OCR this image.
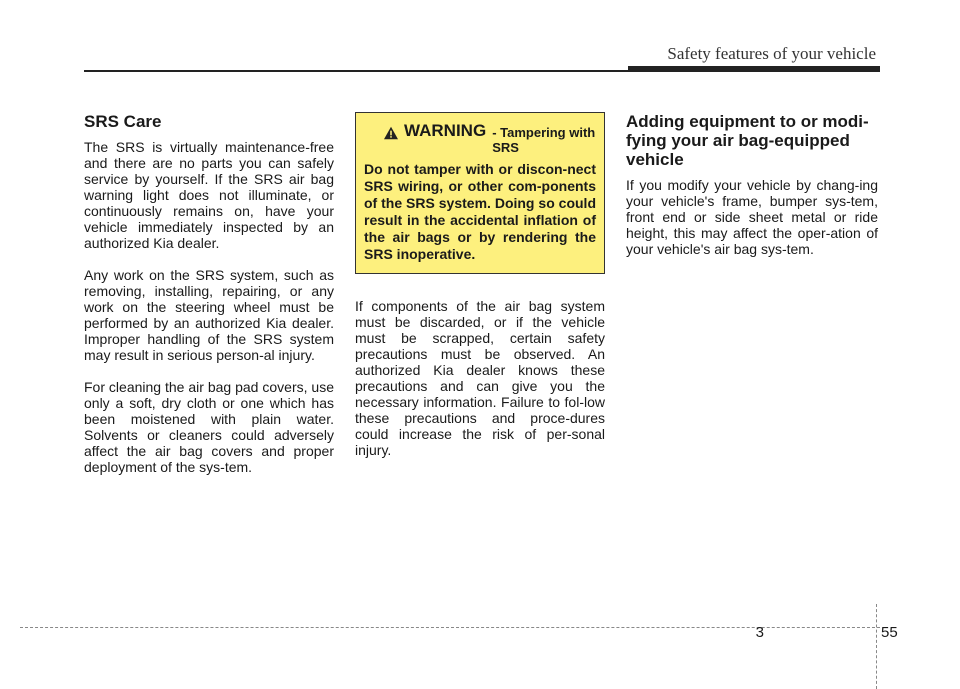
Safety features of your vehicle
SRS Care

The SRS is virtually maintenance-free and there are no parts you can safely service by yourself. If the SRS air bag warning light does not illuminate, or continuously remains on, have your vehicle immediately inspected by an authorized Kia dealer.

Any work on the SRS system, such as removing, installing, repairing, or any work on the steering wheel must be performed by an authorized Kia dealer. Improper handling of the SRS system may result in serious person-al injury.

For cleaning the air bag pad covers, use only a soft, dry cloth or one which has been moistened with plain water. Solvents or cleaners could adversely affect the air bag covers and proper deployment of the sys-tem.

WARNING - Tampering with SRS
Do not tamper with or discon-nect SRS wiring, or other com-ponents of the SRS system. Doing so could result in the accidental inflation of the air bags or by rendering the SRS inoperative.

If components of the air bag system must be discarded, or if the vehicle must be scrapped, certain safety precautions must be observed. An authorized Kia dealer knows these precautions and can give you the necessary information. Failure to fol-low these precautions and proce-dures could increase the risk of per-sonal injury.

Adding equipment to or modi-fying your air bag-equipped vehicle

If you modify your vehicle by chang-ing your vehicle's frame, bumper sys-tem, front end or side sheet metal or ride height, this may affect the oper-ation of your vehicle's air bag sys-tem.

3	55
